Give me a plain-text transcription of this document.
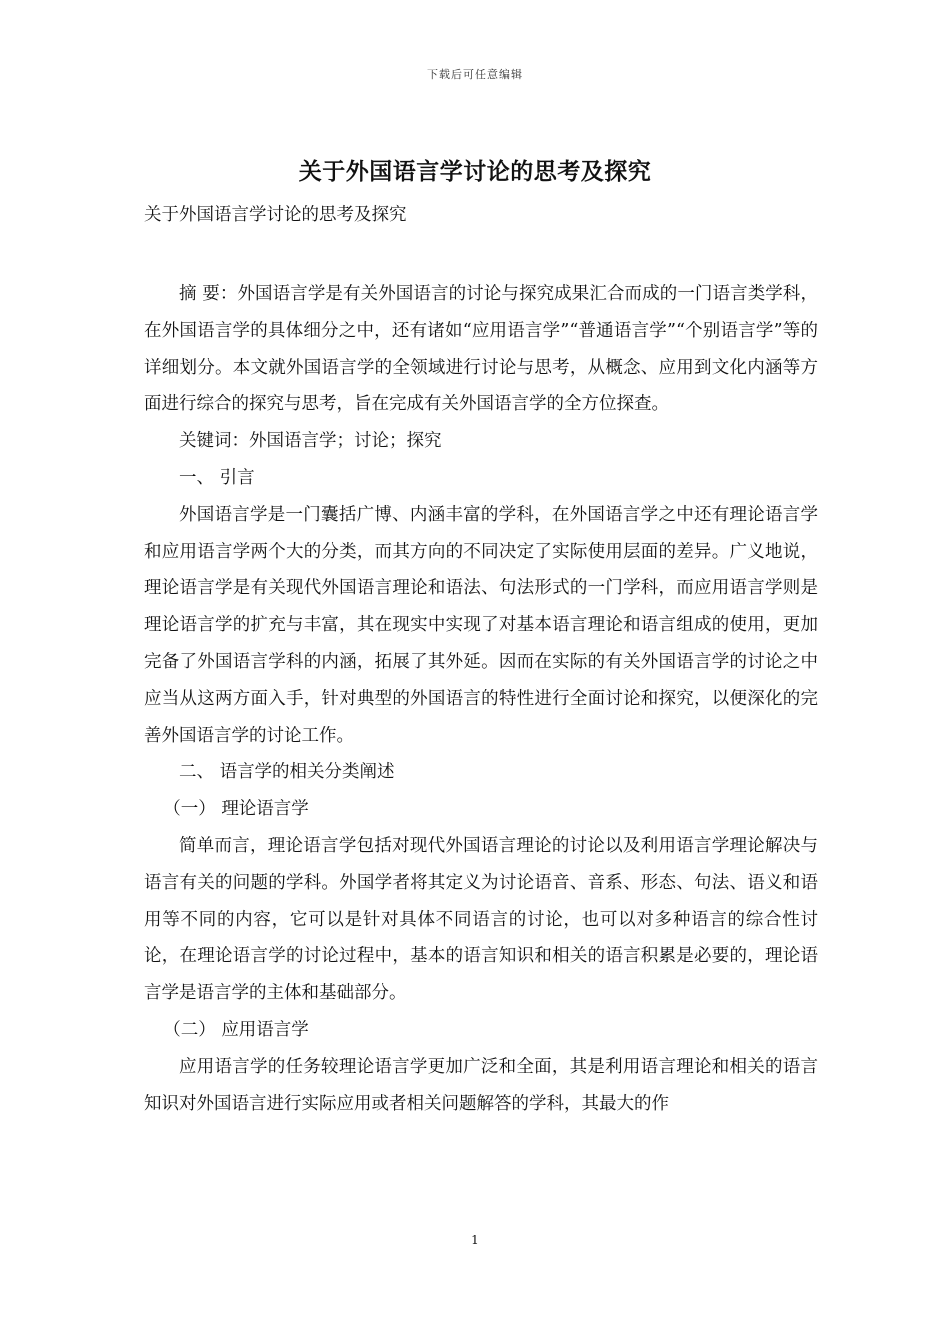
下载后可任意编辑
关于外国语言学讨论的思考及探究

关于外国语言学讨论的思考及探究

摘 要：外国语言学是有关外国语言的讨论与探究成果汇合而成的一门语言类学科，在外国语言学的具体细分之中，还有诸如“应用语言学”“普通语言学”“个别语言学”等的详细划分。本文就外国语言学的全领域进行讨论与思考，从概念、应用到文化内涵等方面进行综合的探究与思考，旨在完成有关外国语言学的全方位探查。

关键词：外国语言学；讨论；探究

一、 引言

外国语言学是一门囊括广博、内涵丰富的学科，在外国语言学之中还有理论语言学和应用语言学两个大的分类，而其方向的不同决定了实际使用层面的差异。广义地说，理论语言学是有关现代外国语言理论和语法、句法形式的一门学科，而应用语言学则是理论语言学的扩充与丰富，其在现实中实现了对基本语言理论和语言组成的使用，更加完备了外国语言学科的内涵，拓展了其外延。因而在实际的有关外国语言学的讨论之中应当从这两方面入手，针对典型的外国语言的特性进行全面讨论和探究，以便深化的完善外国语言学的讨论工作。

二、 语言学的相关分类阐述

（一） 理论语言学

简单而言，理论语言学包括对现代外国语言理论的讨论以及利用语言学理论解决与语言有关的问题的学科。外国学者将其定义为讨论语音、音系、形态、句法、语义和语用等不同的内容，它可以是针对具体不同语言的讨论，也可以对多种语言的综合性讨论，在理论语言学的讨论过程中，基本的语言知识和相关的语言积累是必要的，理论语言学是语言学的主体和基础部分。

（二） 应用语言学

应用语言学的任务较理论语言学更加广泛和全面，其是利用语言理论和相关的语言知识对外国语言进行实际应用或者相关问题解答的学科，其最大的作

1
